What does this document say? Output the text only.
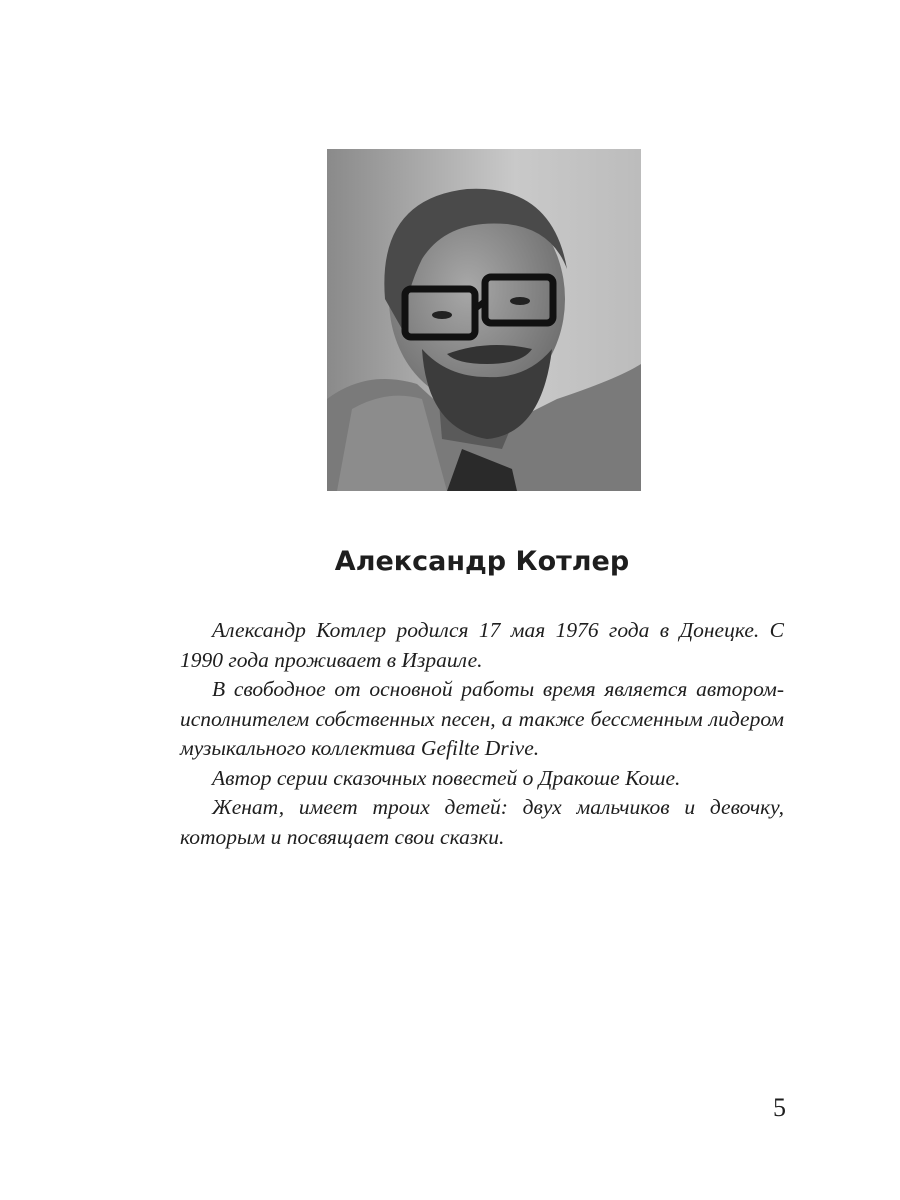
Александр Котлер

Александр Котлер родился 17 мая 1976 года в Донецке. С 1990 года проживает в Израиле.

В свободное от основной работы время является автором-исполнителем собственных песен, а также бессменным лидером музыкального коллектива Gefilte Drive.

Автор серии сказочных повестей о Дракоше Коше.

Женат, имеет троих детей: двух мальчиков и девочку, которым и посвящает свои сказки.

5
